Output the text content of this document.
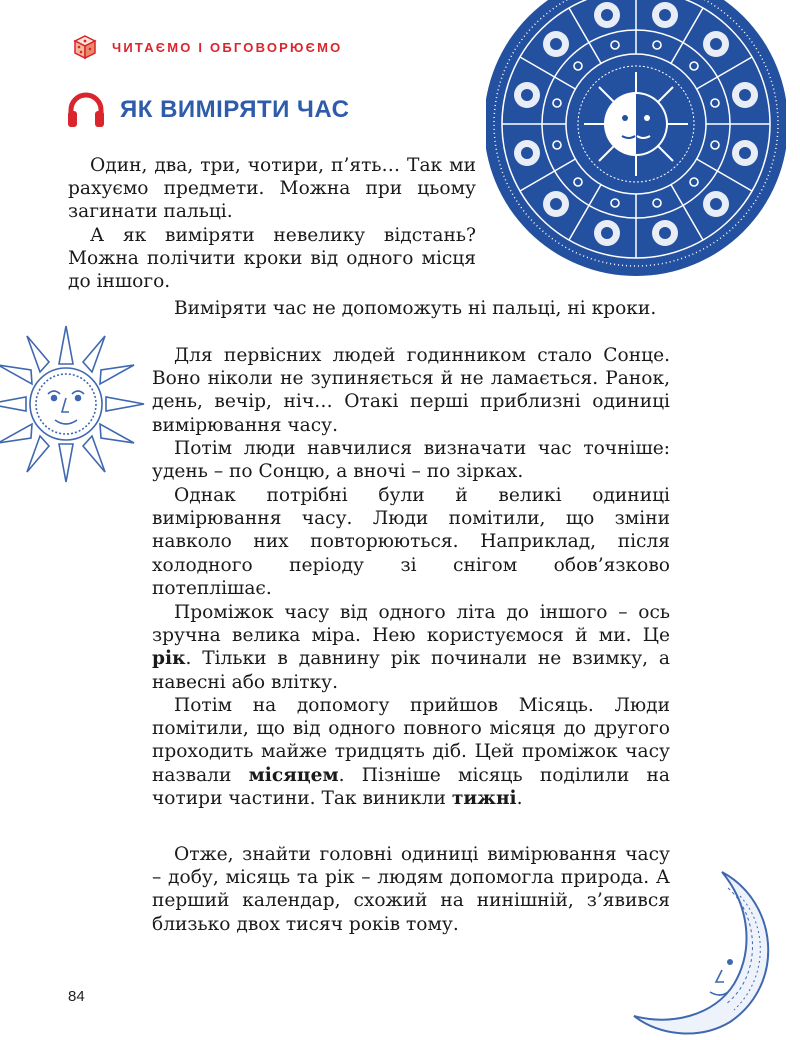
ЧИТАЄМО І ОБГОВОРЮЄМО
ЯК ВИМІРЯТИ ЧАС

Один, два, три, чотири, п’ять… Так ми рахуємо предмети. Можна при цьому загинати пальці.

А як виміряти невелику відстань? Можна полічити кроки від одного місця до іншого.

Виміряти час не допоможуть ні пальці, ні кроки.

Для первісних людей годинником стало Сонце. Воно ніколи не зупиняється й не ламається. Ранок, день, вечір, ніч… Отакі перші приблизні одиниці вимірювання часу.

Потім люди навчилися визначати час точніше: удень – по Сонцю, а вночі – по зірках.

Однак потрібні були й великі одиниці вимірювання часу. Люди помітили, що зміни навколо них повторюються. Наприклад, після холодного періоду зі снігом обов’язково потеплішає.

Проміжок часу від одного літа до іншого – ось зручна велика міра. Нею користуємося й ми. Це рік. Тільки в давнину рік починали не взимку, а навесні або влітку.

Потім на допомогу прийшов Місяць. Люди помітили, що від одного повного місяця до другого проходить майже тридцять діб. Цей проміжок часу назвали місяцем. Пізніше місяць поділили на чотири частини. Так виникли тижні.

Отже, знайти головні одиниці вимірювання часу – добу, місяць та рік – людям допомогла природа. А перший календар, схожий на нинішній, з’явився близько двох тисяч років тому.

84
